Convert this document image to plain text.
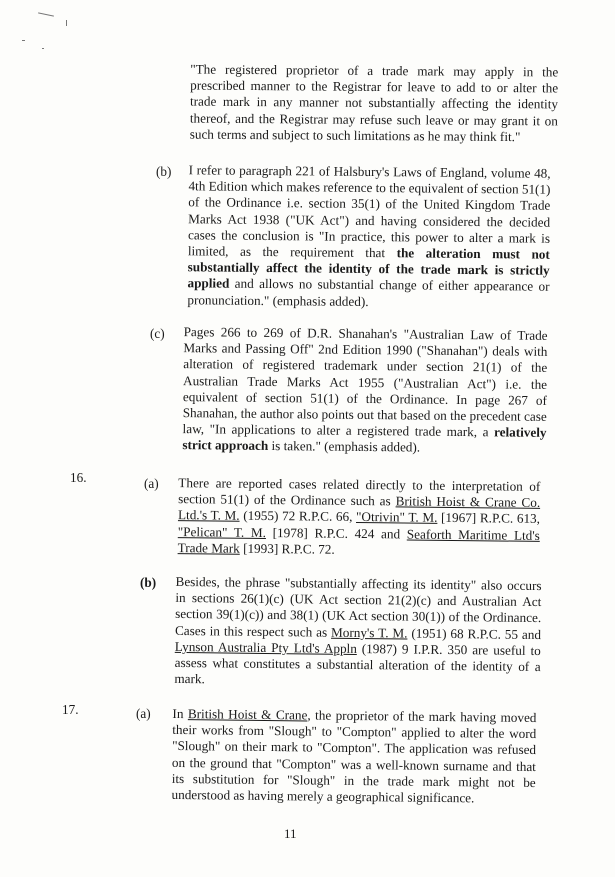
"The registered proprietor of a trade mark may apply in the prescribed manner to the Registrar for leave to add to or alter the trade mark in any manner not substantially affecting the identity thereof, and the Registrar may refuse such leave or may grant it on such terms and subject to such limitations as he may think fit."
(b) I refer to paragraph 221 of Halsbury's Laws of England, volume 48, 4th Edition which makes reference to the equivalent of section 51(1) of the Ordinance i.e. section 35(1) of the United Kingdom Trade Marks Act 1938 ("UK Act") and having considered the decided cases the conclusion is "In practice, this power to alter a mark is limited, as the requirement that the alteration must not substantially affect the identity of the trade mark is strictly applied and allows no substantial change of either appearance or pronunciation." (emphasis added).
(c) Pages 266 to 269 of D.R. Shanahan's "Australian Law of Trade Marks and Passing Off" 2nd Edition 1990 ("Shanahan") deals with alteration of registered trademark under section 21(1) of the Australian Trade Marks Act 1955 ("Australian Act") i.e. the equivalent of section 51(1) of the Ordinance. In page 267 of Shanahan, the author also points out that based on the precedent case law, "In applications to alter a registered trade mark, a relatively strict approach is taken." (emphasis added).
16.	(a) There are reported cases related directly to the interpretation of section 51(1) of the Ordinance such as British Hoist & Crane Co. Ltd.'s T. M. (1955) 72 R.P.C. 66, "Otrivin" T. M. [1967] R.P.C. 613, "Pelican" T. M. [1978] R.P.C. 424 and Seaforth Maritime Ltd's Trade Mark [1993] R.P.C. 72.
(b) Besides, the phrase "substantially affecting its identity" also occurs in sections 26(1)(c) (UK Act section 21(2)(c) and Australian Act section 39(1)(c)) and 38(1) (UK Act section 30(1)) of the Ordinance. Cases in this respect such as Morny's T. M. (1951) 68 R.P.C. 55 and Lynson Australia Pty Ltd's Appln (1987) 9 I.P.R. 350 are useful to assess what constitutes a substantial alteration of the identity of a mark.
17.	(a) In British Hoist & Crane, the proprietor of the mark having moved their works from "Slough" to "Compton" applied to alter the word "Slough" on their mark to "Compton". The application was refused on the ground that "Compton" was a well-known surname and that its substitution for "Slough" in the trade mark might not be understood as having merely a geographical significance.
11
